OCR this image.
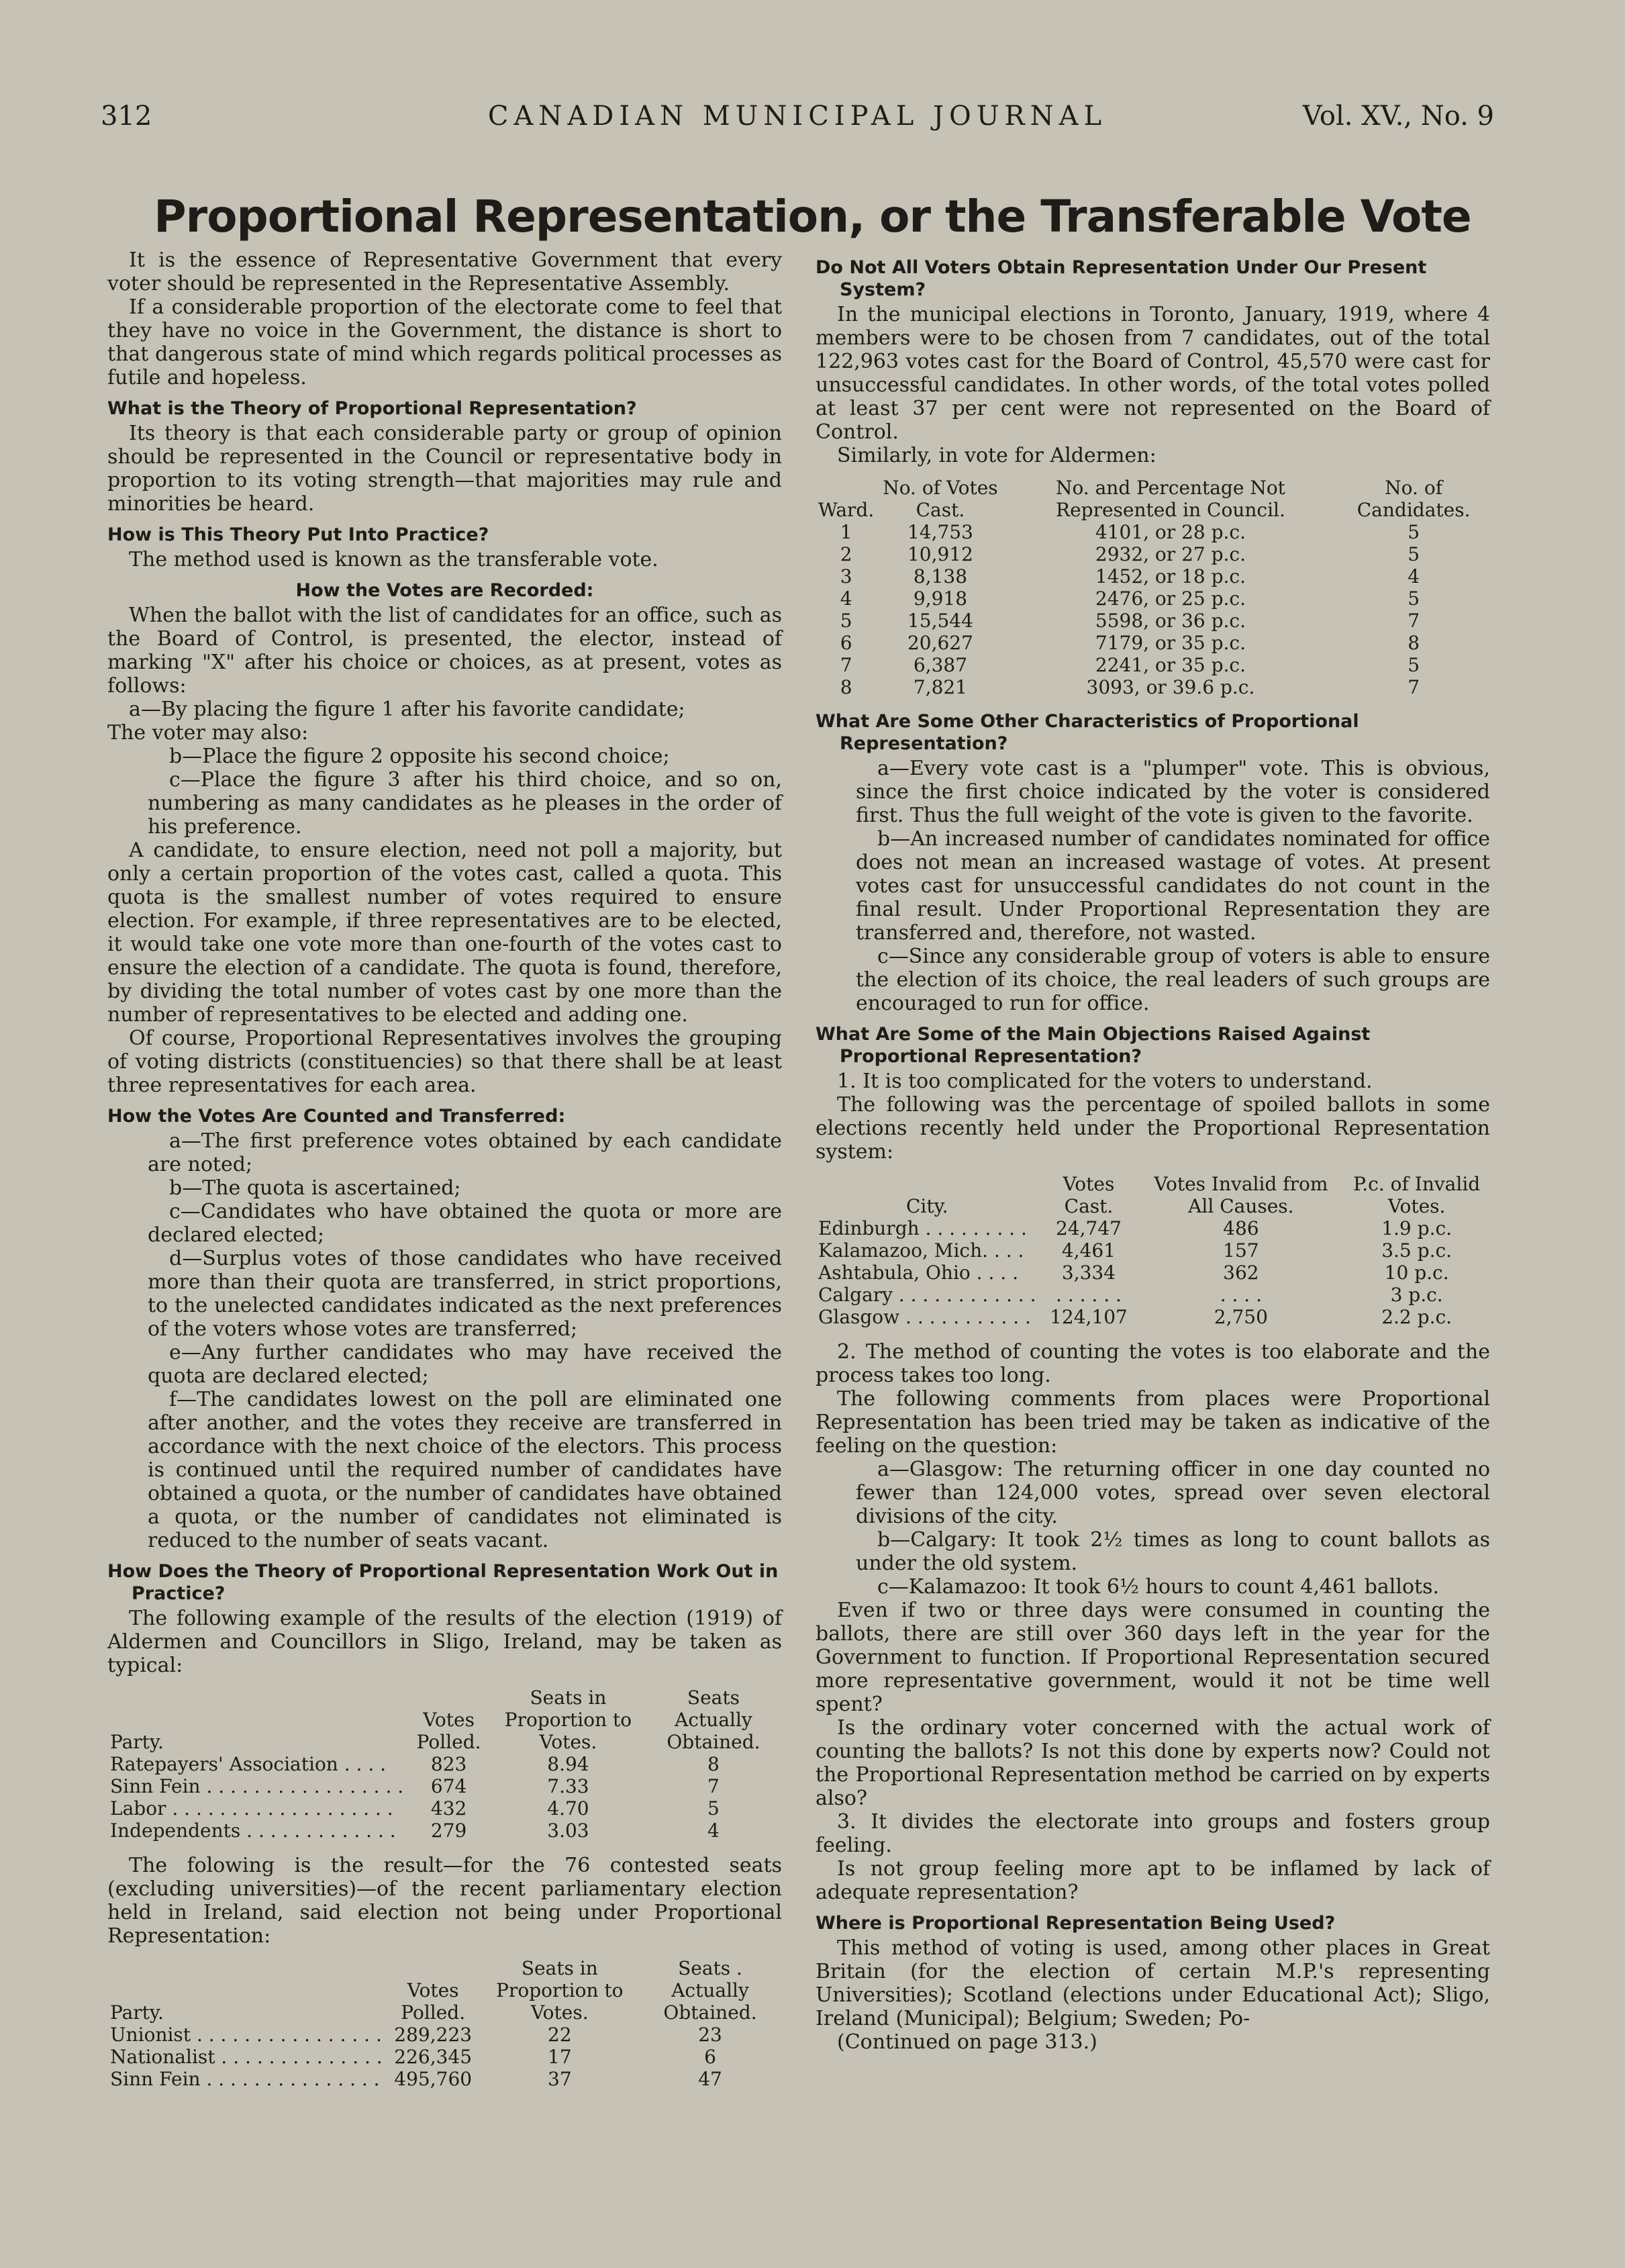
312	CANADIAN MUNICIPAL JOURNAL	Vol. XV., No. 9
Proportional Representation, or the Transferable Vote

It is the essence of Representative Government that every voter should be represented in the Representative Assembly.

If a considerable proportion of the electorate come to feel that they have no voice in the Government, the distance is short to that dangerous state of mind which regards political processes as futile and hopeless.

What is the Theory of Proportional Representation?

Its theory is that each considerable party or group of opinion should be represented in the Council or representative body in proportion to its voting strength—that majorities may rule and minorities be heard.

How is This Theory Put Into Practice?

The method used is known as the transferable vote.

How the Votes are Recorded:

When the ballot with the list of candidates for an office, such as the Board of Control, is presented, the elector, instead of marking "X" after his choice or choices, as at present, votes as follows:

a—By placing the figure 1 after his favorite candidate;

The voter may also:

b—Place the figure 2 opposite his second choice;

c—Place the figure 3 after his third choice, and so on, numbering as many candidates as he pleases in the order of his preference.

A candidate, to ensure election, need not poll a majority, but only a certain proportion of the votes cast, called a quota. This quota is the smallest number of votes required to ensure election. For example, if three representatives are to be elected, it would take one vote more than one-fourth of the votes cast to ensure the election of a candidate. The quota is found, therefore, by dividing the total number of votes cast by one more than the number of representatives to be elected and adding one.

Of course, Proportional Representatives involves the grouping of voting districts (constituencies) so that there shall be at least three representatives for each area.

How the Votes Are Counted and Transferred:

a—The first preference votes obtained by each candidate are noted;

b—The quota is ascertained;

c—Candidates who have obtained the quota or more are declared elected;

d—Surplus votes of those candidates who have received more than their quota are transferred, in strict proportions, to the unelected candidates indicated as the next preferences of the voters whose votes are transferred;

e—Any further candidates who may have received the quota are declared elected;

f—The candidates lowest on the poll are eliminated one after another, and the votes they receive are transferred in accordance with the next choice of the electors. This process is continued until the required number of candidates have obtained a quota, or the number of candidates have obtained a quota, or the number of candidates not eliminated is reduced to the number of seats vacant.

How Does the Theory of Proportional Representation Work Out in Practice?

The following example of the results of the election (1919) of Aldermen and Councillors in Sligo, Ireland, may be taken as typical:

Party.	Votes Polled.	Seats in Proportion to Votes.	Seats Actually Obtained.
Ratepayers' Association . . . .	823	8.94	8
Sinn Fein . . . . . . . . . . . . . . . . .	674	7.33	7
Labor . . . . . . . . . . . . . . . . . . .	432	4.70	5
Independents . . . . . . . . . . . . .	279	3.03	4

The folowing is the result—for the 76 contested seats (excluding universities)—of the recent parliamentary election held in Ireland, said election not being under Proportional Representation:

Party.	Votes Polled.	Seats in Proportion to Votes.	Seats . Actually Obtained.
Unionist . . . . . . . . . . . . . . . .	289,223	22	23
Nationalist . . . . . . . . . . . . . .	226,345	17	6
Sinn Fein . . . . . . . . . . . . . . .	495,760	37	47
Do Not All Voters Obtain Representation Under Our Present System?

In the municipal elections in Toronto, January, 1919, where 4 members were to be chosen from 7 candidates, out of the total 122,963 votes cast for the Board of Control, 45,570 were cast for unsuccessful candidates. In other words, of the total votes polled at least 37 per cent were not represented on the Board of Control.

Similarly, in vote for Aldermen:

Ward.	No. of Votes Cast.	No. and Percentage Not Represented in Council.	No. of Candidates.
1	14,753	4101, or 28 p.c.	5
2	10,912	2932, or 27 p.c.	5
3	8,138	1452, or 18 p.c.	4
4	9,918	2476, or 25 p.c.	5
5	15,544	5598, or 36 p.c.	7
6	20,627	7179, or 35 p.c.	8
7	6,387	2241, or 35 p.c.	5
8	7,821	3093, or 39.6 p.c.	7
What Are Some Other Characteristics of Proportional Representation?

a—Every vote cast is a "plumper" vote. This is obvious, since the first choice indicated by the voter is considered first. Thus the full weight of the vote is given to the favorite.

b—An increased number of candidates nominated for office does not mean an increased wastage of votes. At present votes cast for unsuccessful candidates do not count in the final result. Under Proportional Representation they are transferred and, therefore, not wasted.

c—Since any considerable group of voters is able to ensure the election of its choice, the real leaders of such groups are encouraged to run for office.

What Are Some of the Main Objections Raised Against Proportional Representation?

1. It is too complicated for the voters to understand.

The following was the percentage of spoiled ballots in some elections recently held under the Proportional Representation system:

City.	Votes Cast.	Votes Invalid from All Causes.	P.c. of Invalid Votes.
Edinburgh . . . . . . . . .	24,747	486	1.9 p.c.
Kalamazoo, Mich. . . .	4,461	157	3.5 p.c.
Ashtabula, Ohio . . . .	3,334	362	10 p.c.
Calgary . . . . . . . . . . . .	. . . . . .	. . . .	3 p.c.
Glasgow . . . . . . . . . . .	124,107	2,750	2.2 p.c.

2. The method of counting the votes is too elaborate and the process takes too long.

The following comments from places were Proportional Representation has been tried may be taken as indicative of the feeling on the question:

a—Glasgow: The returning officer in one day counted no fewer than 124,000 votes, spread over seven electoral divisions of the city.

b—Calgary: It took 2½ times as long to count ballots as under the old system.

c—Kalamazoo: It took 6½ hours to count 4,461 ballots.

Even if two or three days were consumed in counting the ballots, there are still over 360 days left in the year for the Government to function. If Proportional Representation secured more representative government, would it not be time well spent?

Is the ordinary voter concerned with the actual work of counting the ballots? Is not this done by experts now? Could not the Proportional Representation method be carried on by experts also?

3. It divides the electorate into groups and fosters group feeling.

Is not group feeling more apt to be inflamed by lack of adequate representation?

Where is Proportional Representation Being Used?

This method of voting is used, among other places in Great Britain (for the election of certain M.P.'s representing Universities); Scotland (elections under Educational Act); Sligo, Ireland (Municipal); Belgium; Sweden; Po-

(Continued on page 313.)
